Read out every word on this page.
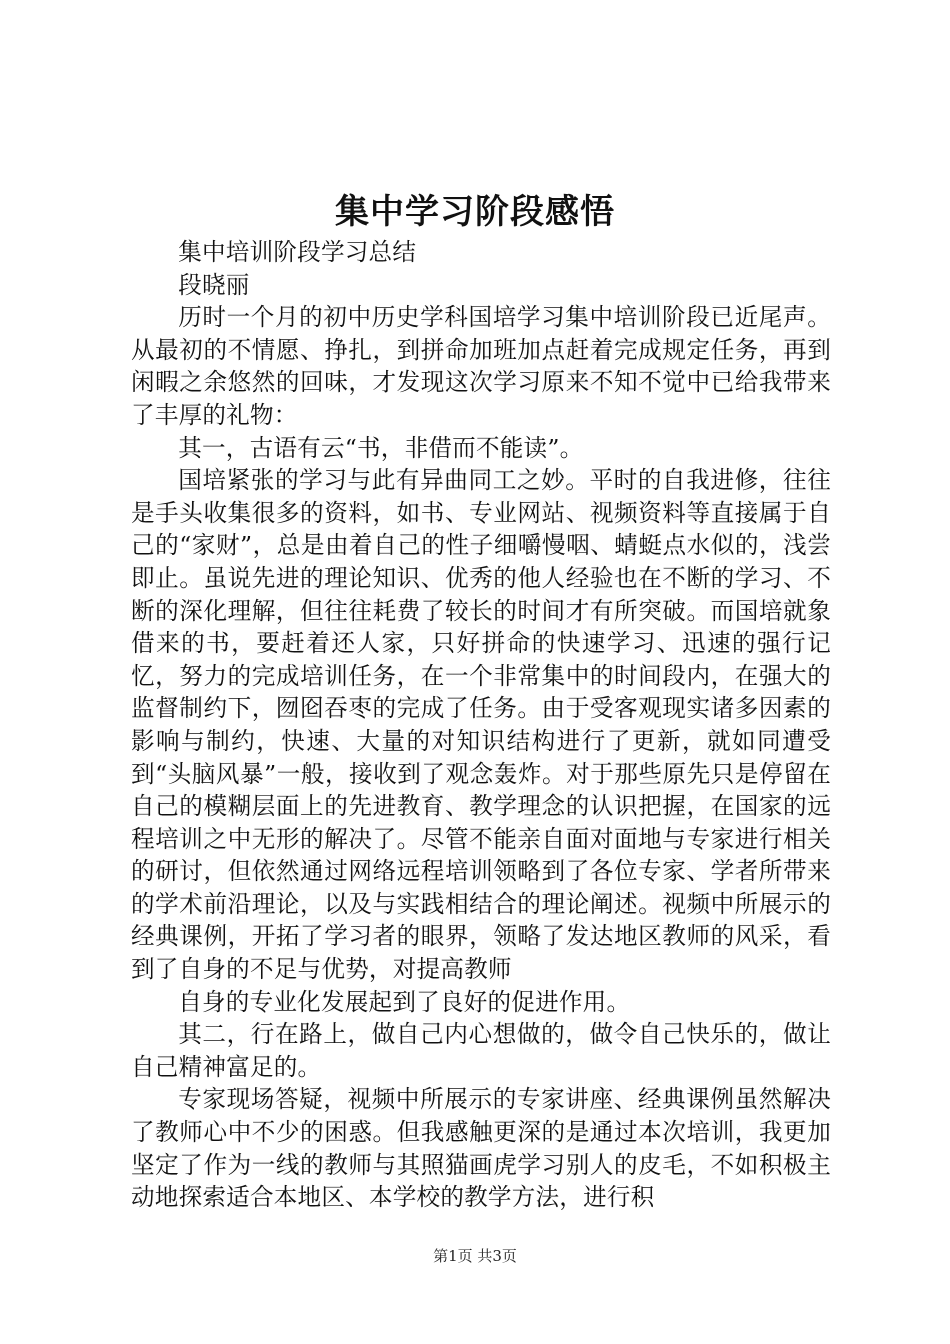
集中学习阶段感悟

集中培训阶段学习总结

段晓丽

历时一个月的初中历史学科国培学习集中培训阶段已近尾声。从最初的不情愿、挣扎，到拼命加班加点赶着完成规定任务，再到闲暇之余悠然的回味，才发现这次学习原来不知不觉中已给我带来了丰厚的礼物：

其一，古语有云“书，非借而不能读”。

国培紧张的学习与此有异曲同工之妙。平时的自我进修，往往是手头收集很多的资料，如书、专业网站、视频资料等直接属于自己的“家财”，总是由着自己的性子细嚼慢咽、蜻蜓点水似的，浅尝即止。虽说先进的理论知识、优秀的他人经验也在不断的学习、不断的深化理解，但往往耗费了较长的时间才有所突破。而国培就象借来的书，要赶着还人家，只好拼命的快速学习、迅速的强行记忆，努力的完成培训任务，在一个非常集中的时间段内，在强大的监督制约下，囫囵吞枣的完成了任务。由于受客观现实诸多因素的影响与制约，快速、大量的对知识结构进行了更新，就如同遭受到“头脑风暴”一般，接收到了观念轰炸。对于那些原先只是停留在自己的模糊层面上的先进教育、教学理念的认识把握，在国家的远程培训之中无形的解决了。尽管不能亲自面对面地与专家进行相关的研讨，但依然通过网络远程培训领略到了各位专家、学者所带来的学术前沿理论，以及与实践相结合的理论阐述。视频中所展示的经典课例，开拓了学习者的眼界，领略了发达地区教师的风采，看到了自身的不足与优势，对提高教师

自身的专业化发展起到了良好的促进作用。

其二，行在路上，做自己内心想做的，做令自己快乐的，做让自己精神富足的。

专家现场答疑，视频中所展示的专家讲座、经典课例虽然解决了教师心中不少的困惑。但我感触更深的是通过本次培训，我更加坚定了作为一线的教师与其照猫画虎学习别人的皮毛，不如积极主动地探索适合本地区、本学校的教学方法，进行积

第1页 共3页
